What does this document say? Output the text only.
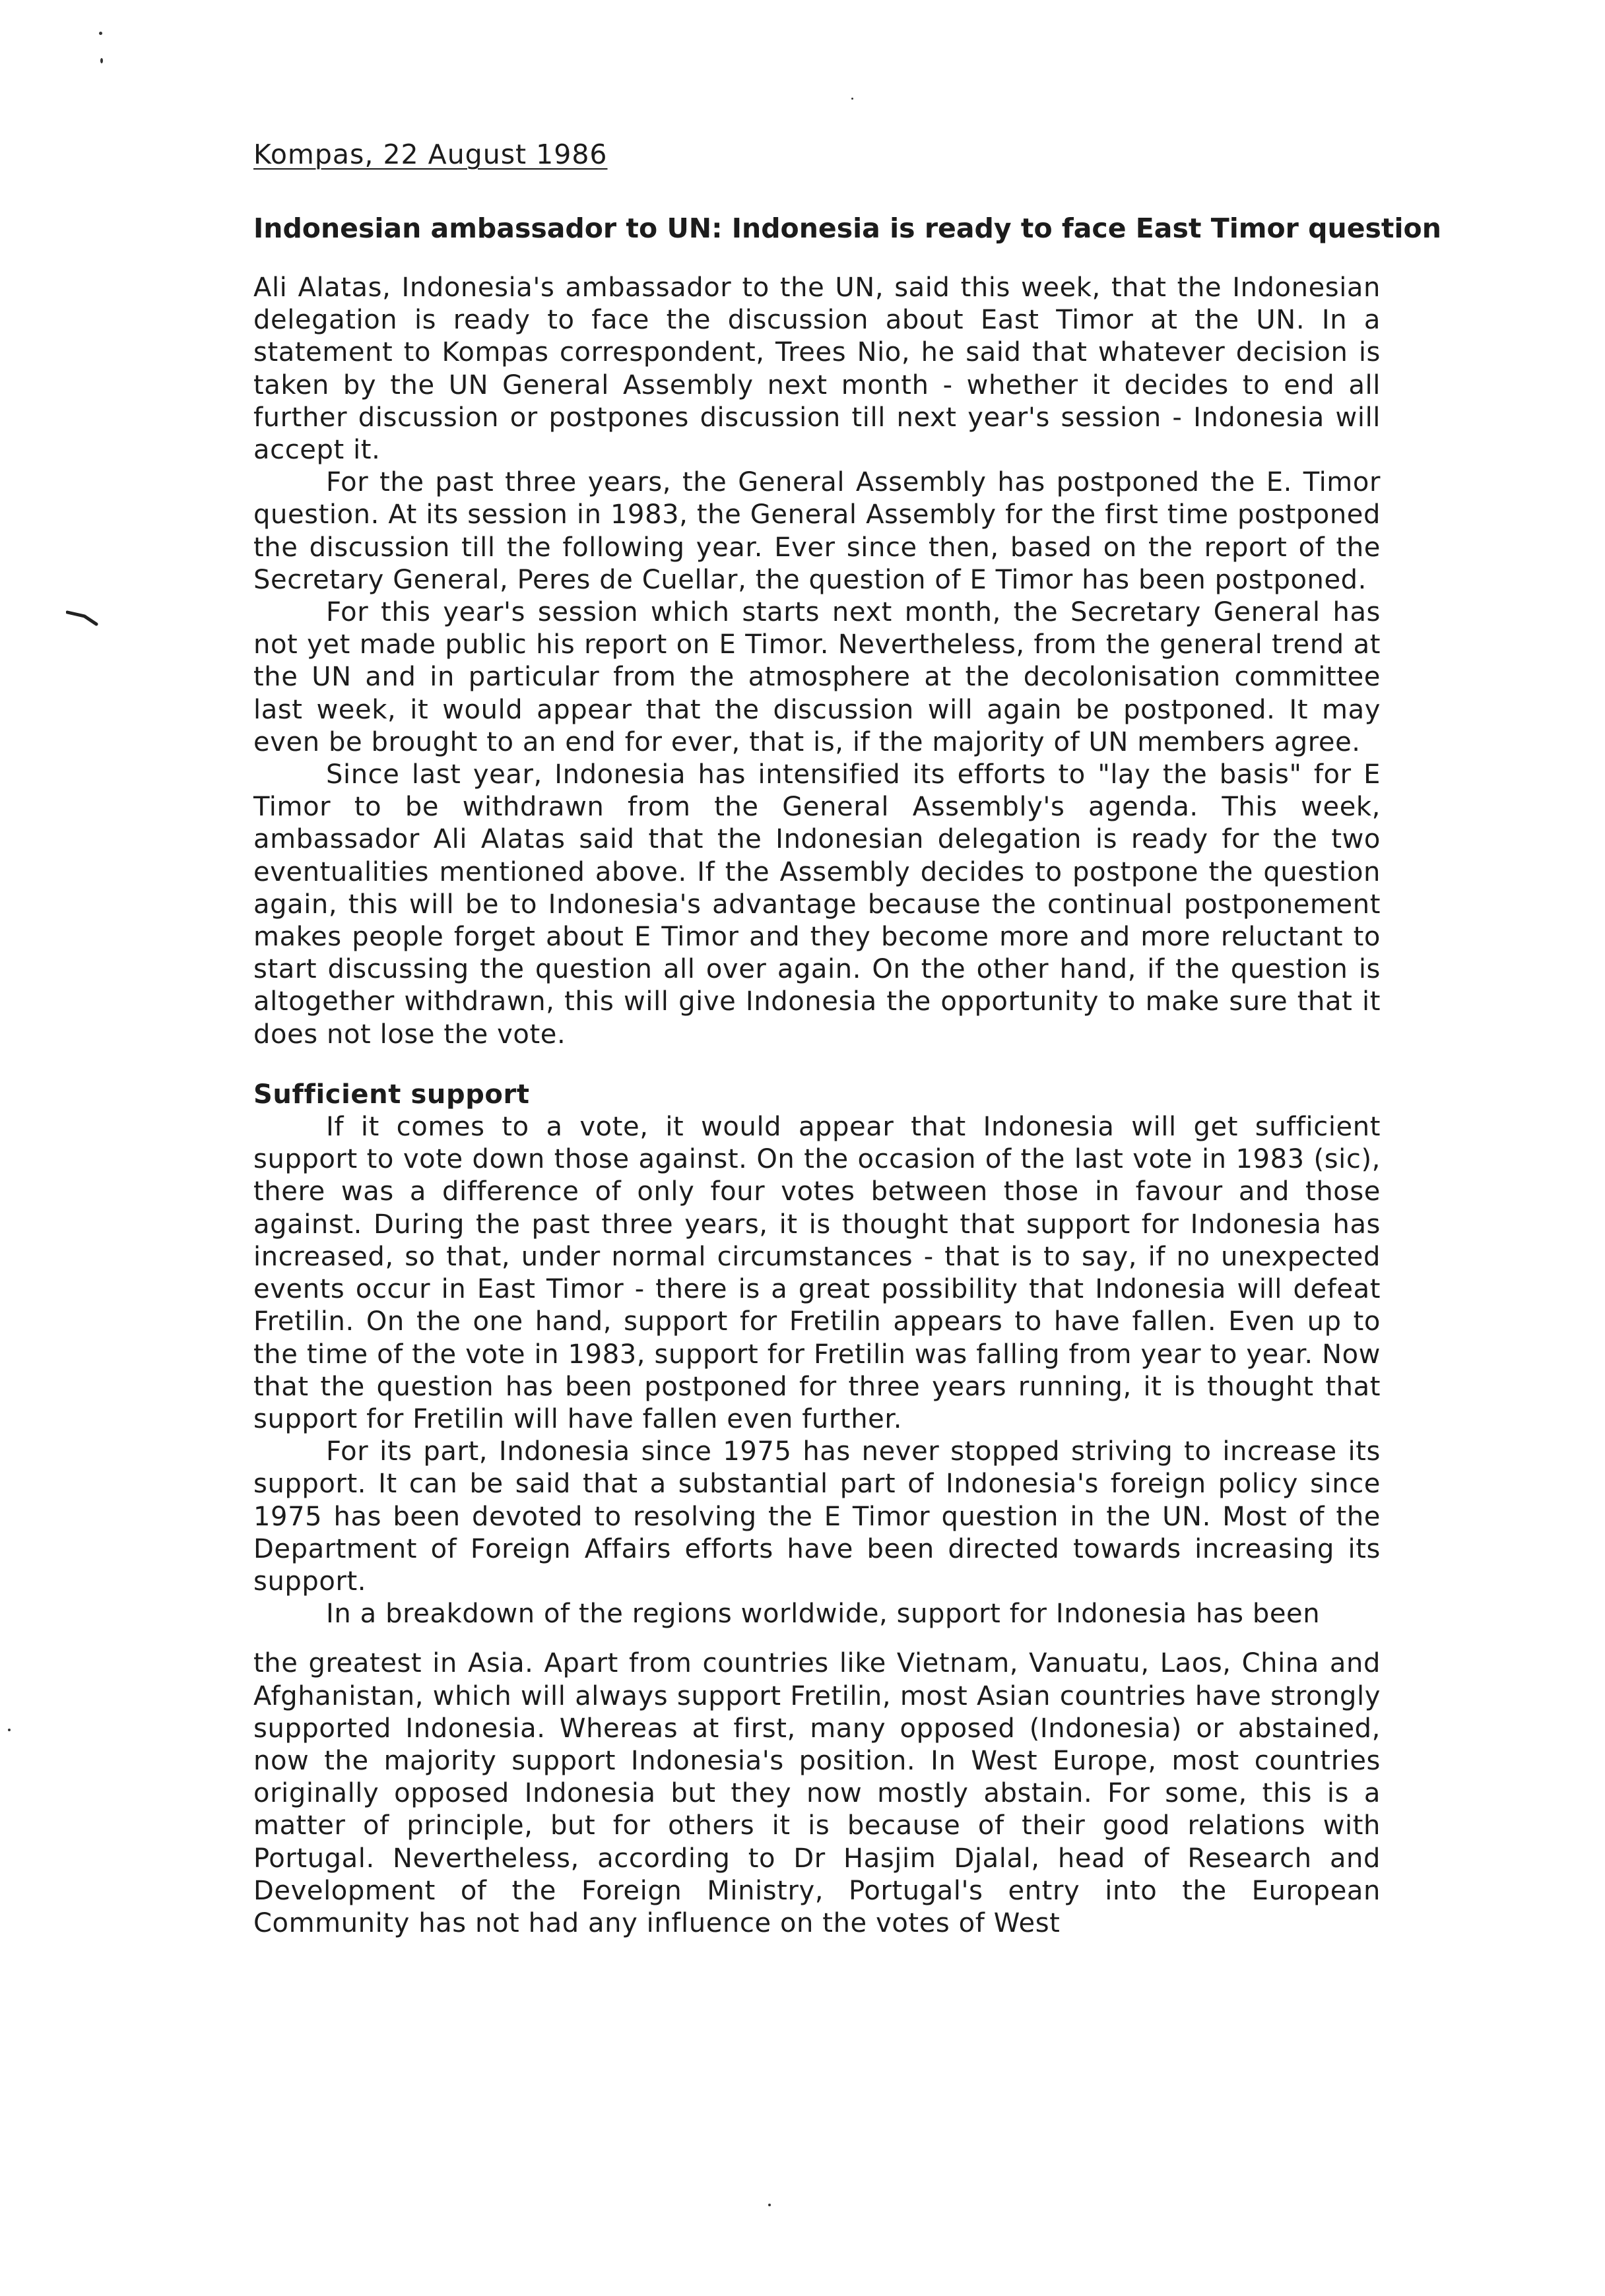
Kompas, 22 August 1986
Indonesian ambassador to UN: Indonesia is ready to face East Timor question

Ali Alatas, Indonesia's ambassador to the UN, said this week, that the Indonesian delegation is ready to face the discussion about East Timor at the UN. In a statement to Kompas correspondent, Trees Nio, he said that whatever decision is taken by the UN General Assembly next month - whether it decides to end all further discussion or postpones discussion till next year's session - Indonesia will accept it.

For the past three years, the General Assembly has postponed the E. Timor question. At its session in 1983, the General Assembly for the first time postponed the discussion till the following year. Ever since then, based on the report of the Secretary General, Peres de Cuellar, the question of E Timor has been postponed.

For this year's session which starts next month, the Secretary General has not yet made public his report on E Timor. Nevertheless, from the general trend at the UN and in particular from the atmosphere at the decolonisation committee last week, it would appear that the discussion will again be postponed. It may even be brought to an end for ever, that is, if the majority of UN members agree.

Since last year, Indonesia has intensified its efforts to "lay the basis" for E Timor to be withdrawn from the General Assembly's agenda. This week, ambassador Ali Alatas said that the Indonesian delegation is ready for the two eventualities mentioned above. If the Assembly decides to postpone the question again, this will be to Indonesia's advantage because the continual postponement makes people forget about E Timor and they become more and more reluctant to start discussing the question all over again. On the other hand, if the question is altogether withdrawn, this will give Indonesia the opportunity to make sure that it does not lose the vote.

Sufficient support

If it comes to a vote, it would appear that Indonesia will get sufficient support to vote down those against. On the occasion of the last vote in 1983 (sic), there was a difference of only four votes between those in favour and those against. During the past three years, it is thought that support for Indonesia has increased, so that, under normal circumstances - that is to say, if no unexpected events occur in East Timor - there is a great possibility that Indonesia will defeat Fretilin. On the one hand, support for Fretilin appears to have fallen. Even up to the time of the vote in 1983, support for Fretilin was falling from year to year. Now that the question has been postponed for three years running, it is thought that support for Fretilin will have fallen even further.

For its part, Indonesia since 1975 has never stopped striving to increase its support. It can be said that a substantial part of Indonesia's foreign policy since 1975 has been devoted to resolving the E Timor question in the UN. Most of the Department of Foreign Affairs efforts have been directed towards increasing its support.

In a breakdown of the regions worldwide, support for Indonesia has been

the greatest in Asia. Apart from countries like Vietnam, Vanuatu, Laos, China and Afghanistan, which will always support Fretilin, most Asian countries have strongly supported Indonesia. Whereas at first, many opposed (Indonesia) or abstained, now the majority support Indonesia's position. In West Europe, most countries originally opposed Indonesia but they now mostly abstain. For some, this is a matter of principle, but for others it is because of their good relations with Portugal. Nevertheless, according to Dr Hasjim Djalal, head of Research and Development of the Foreign Ministry, Portugal's entry into the European Community has not had any influence on the votes of West
